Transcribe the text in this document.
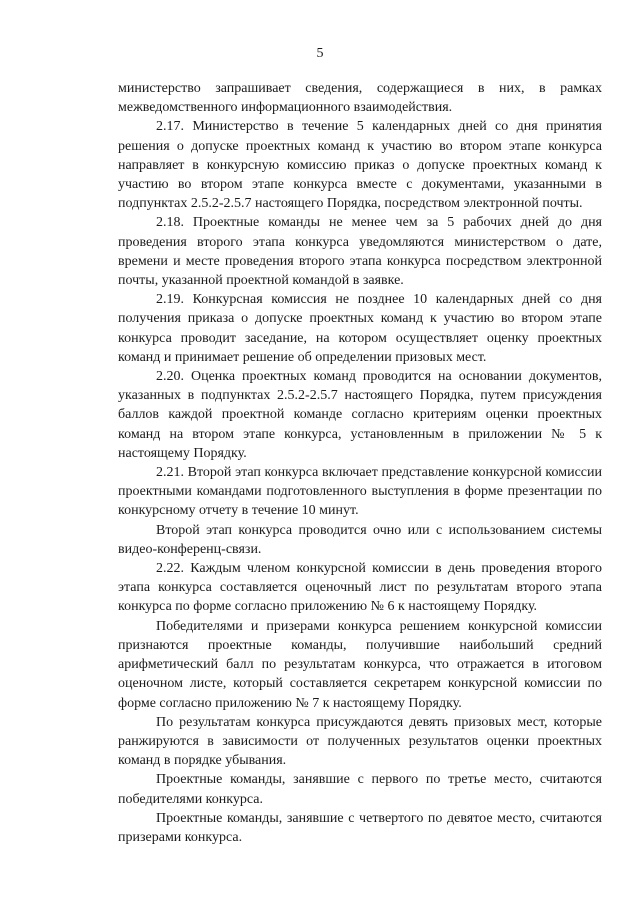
5

министерство запрашивает сведения, содержащиеся в них, в рамках межведомственного информационного взаимодействия.

2.17. Министерство в течение 5 календарных дней со дня принятия решения о допуске проектных команд к участию во втором этапе конкурса направляет в конкурсную комиссию приказ о допуске проектных команд к участию во втором этапе конкурса вместе с документами, указанными в подпунктах 2.5.2-2.5.7 настоящего Порядка, посредством электронной почты.

2.18. Проектные команды не менее чем за 5 рабочих дней до дня проведения второго этапа конкурса уведомляются министерством о дате, времени и месте проведения второго этапа конкурса посредством электронной почты, указанной проектной командой в заявке.

2.19. Конкурсная комиссия не позднее 10 календарных дней со дня получения приказа о допуске проектных команд к участию во втором этапе конкурса проводит заседание, на котором осуществляет оценку проектных команд и принимает решение об определении призовых мест.

2.20. Оценка проектных команд проводится на основании документов, указанных в подпунктах 2.5.2-2.5.7 настоящего Порядка, путем присуждения баллов каждой проектной команде согласно критериям оценки проектных команд на втором этапе конкурса, установленным в приложении № 5 к настоящему Порядку.

2.21. Второй этап конкурса включает представление конкурсной комиссии проектными командами подготовленного выступления в форме презентации по конкурсному отчету в течение 10 минут.

Второй этап конкурса проводится очно или с использованием системы видео-конференц-связи.

2.22. Каждым членом конкурсной комиссии в день проведения второго этапа конкурса составляется оценочный лист по результатам второго этапа конкурса по форме согласно приложению № 6 к настоящему Порядку.

Победителями и призерами конкурса решением конкурсной комиссии признаются проектные команды, получившие наибольший средний арифметический балл по результатам конкурса, что отражается в итоговом оценочном листе, который составляется секретарем конкурсной комиссии по форме согласно приложению № 7 к настоящему Порядку.

По результатам конкурса присуждаются девять призовых мест, которые ранжируются в зависимости от полученных результатов оценки проектных команд в порядке убывания.

Проектные команды, занявшие с первого по третье место, считаются победителями конкурса.

Проектные команды, занявшие с четвертого по девятое место, считаются призерами конкурса.
